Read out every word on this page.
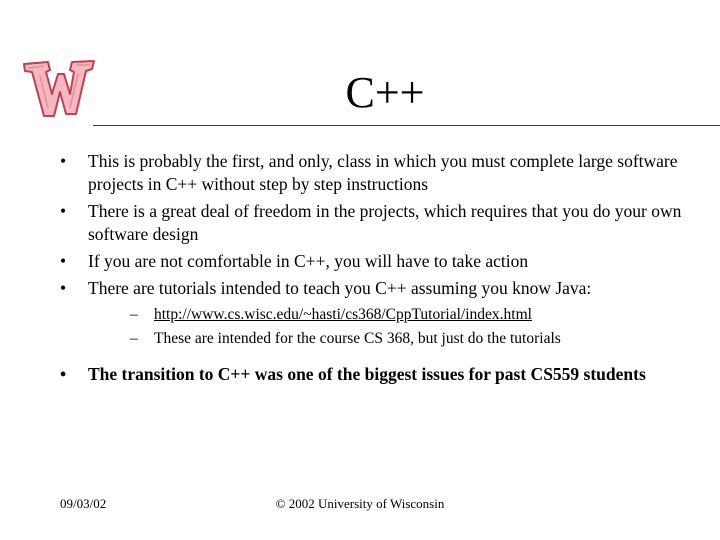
C++
• This is probably the first, and only, class in which you must complete large software projects in C++ without step by step instructions
• There is a great deal of freedom in the projects, which requires that you do your own software design
• If you are not comfortable in C++, you will have to take action
• There are tutorials intended to teach you C++ assuming you know Java:
– http://www.cs.wisc.edu/~hasti/cs368/CppTutorial/index.html
– These are intended for the course CS 368, but just do the tutorials
• The transition to C++ was one of the biggest issues for past CS559 students
09/03/02	© 2002 University of Wisconsin
